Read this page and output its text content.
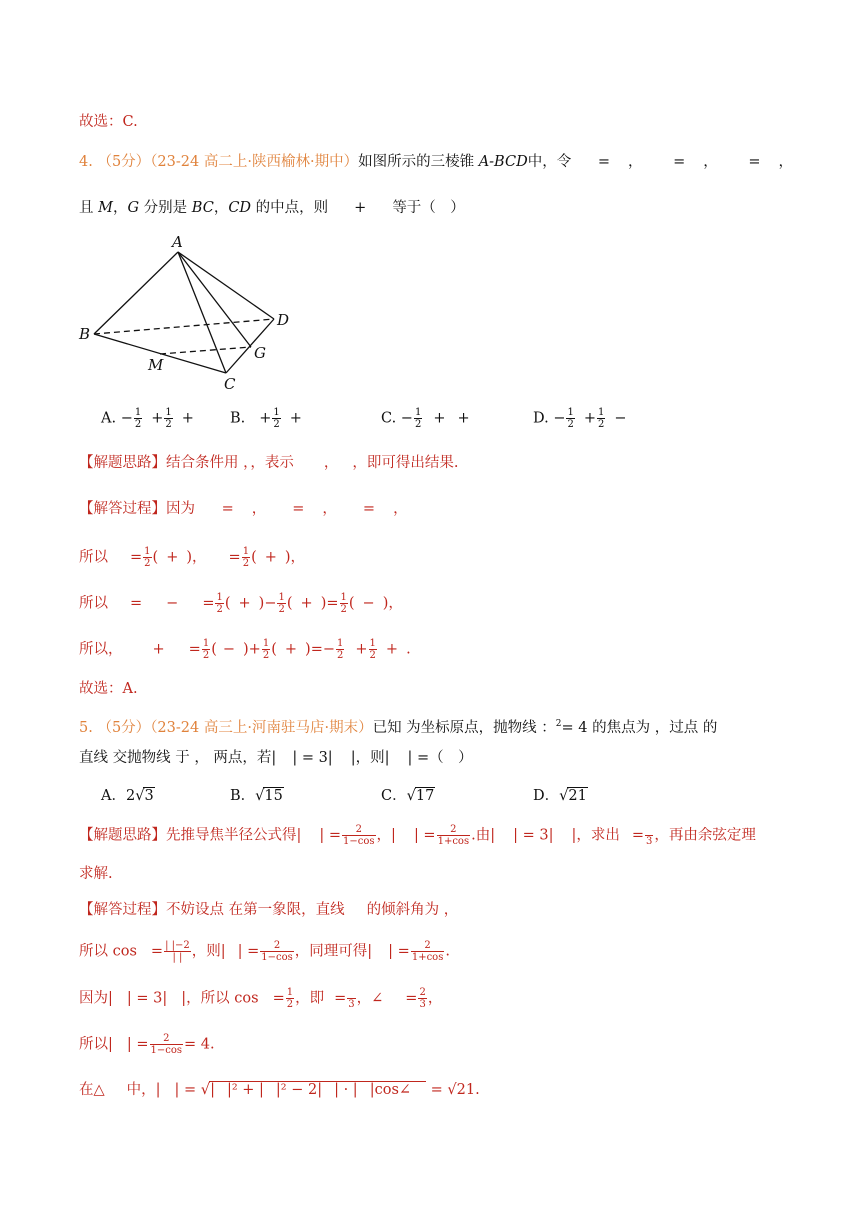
故选：C.
4. （5分）（23-24 高二上·陕西榆林·期中）如图所示的三棱锥 A-BCD中，令 = ， = ， = ，
且 M，G 分别是 BC，CD 的中点，则 + 等于（　）
A
B
C
D
M
G
A. − $\frac{1}{2} + \frac{1}{2} + B$. + $\frac{1}{2}$ +	C. − $\frac{1}{2}$ + +	D. − $\frac{1}{2} + \frac{1}{2}$ −
【解题思路】结合条件用 ，，表示 ， ，即可得出结果.
【解答过程】因为 = ， = ， = ，
所以 = $\frac{1}{2}$ ( + )， = $\frac{1}{2}$ ( + )，
所以 = − = $\frac{1}{2}$ ( + )− $\frac{1}{2}$ ( + )= $\frac{1}{2}$ ( − )，
所以， + = $\frac{1}{2}$ ( − )+ $\frac{1}{2}$ ( + )=− $\frac{1}{2} + \frac{1}{2}$ + .
故选：A.
5. （5分）（23-24 高三上·河南驻马店·期末）已知 为坐标原点，抛物线 ：$^2$= 4 的焦点为 ，过点 的
直线 交抛物线 于 ， 两点，若| | = 3| |，则| | =（　）
A．2√3	B．√15	C．√17	D．√21
【解题思路】先推导焦半径公式得| | = $\frac{2}{1-\cos}$ ，| | = $\frac{2}{1+\cos}$ .由| | = 3| |，求出 =
3 ，再由余弦定理
求解.
【解答过程】不妨设点 在第一象限，直线 的倾斜角为 ，
所以 $\cos = \frac{| |-2}{| |}$ ，则| | = $\frac{2}{1-\cos}$ ，同理可得| | = $\frac{2}{1+\cos}$ .
因为| | = 3| |，所以 $\cos = \frac{1}{2}$ ，即 =
3 ，∠ = $\frac{2}{3}$ ，
所以| | = $\frac{2}{1-\cos} = 4$.
在△ 中，| | = √| |² + | |² − 2| | · | |cos∠ = √21.
